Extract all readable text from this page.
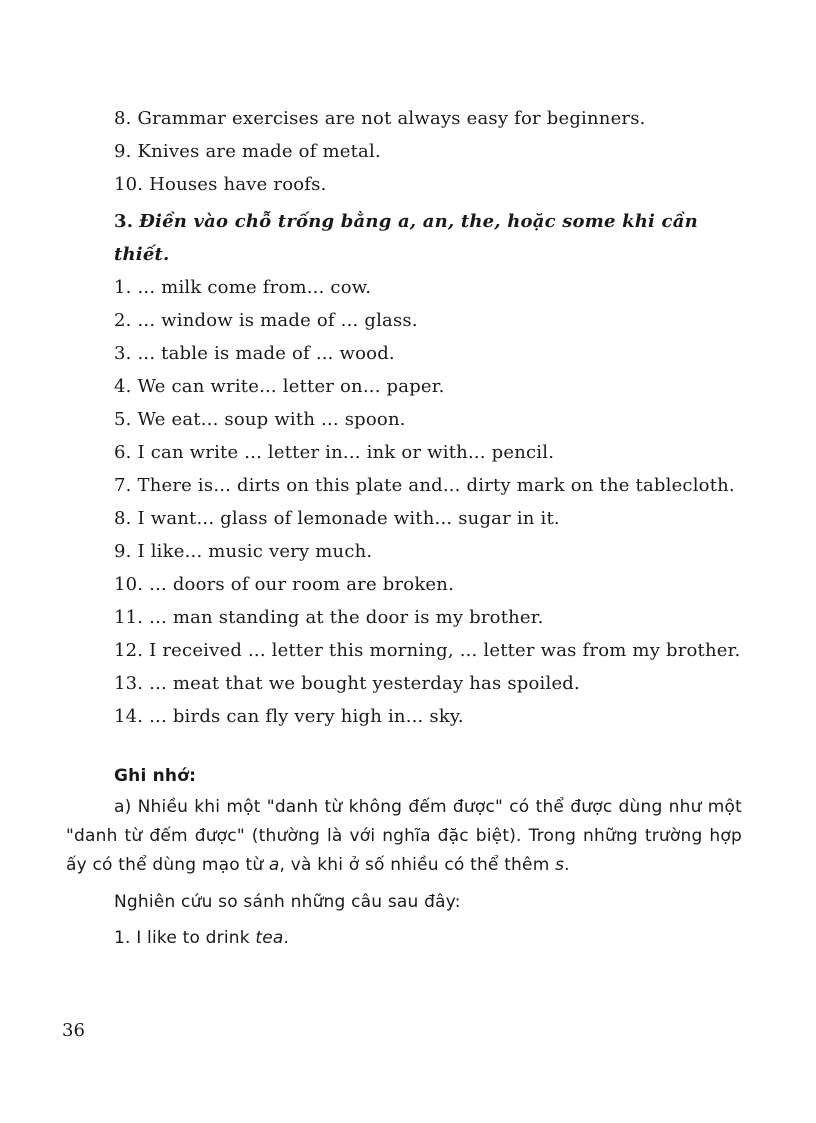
8. Grammar exercises are not always easy for beginners.

9. Knives are made of metal.

10. Houses have roofs.

3. Điền vào chỗ trống bằng a, an, the, hoặc some khi cần thiết.

1. ... milk come from... cow.

2. ... window is made of ... glass.

3. ... table is made of ... wood.

4. We can write... letter on... paper.

5. We eat... soup with ... spoon.

6. I can write ... letter in... ink or with... pencil.

7. There is... dirts on this plate and... dirty mark on the tablecloth.

8. I want... glass of lemonade with... sugar in it.

9. I like... music very much.

10. ... doors of our room are broken.

11. ... man standing at the door is my brother.

12. I received ... letter this morning, ... letter was from my brother.

13. ... meat that we bought yesterday has spoiled.

14. ... birds can fly very high in... sky.

Ghi nhớ:

a) Nhiều khi một "danh từ không đếm được" có thể được dùng như một "danh từ đếm được" (thường là với nghĩa đặc biệt). Trong những trường hợp ấy có thể dùng mạo từ a, và khi ở số nhiều có thể thêm s.

Nghiên cứu so sánh những câu sau đây:

1. I like to drink tea.

36
